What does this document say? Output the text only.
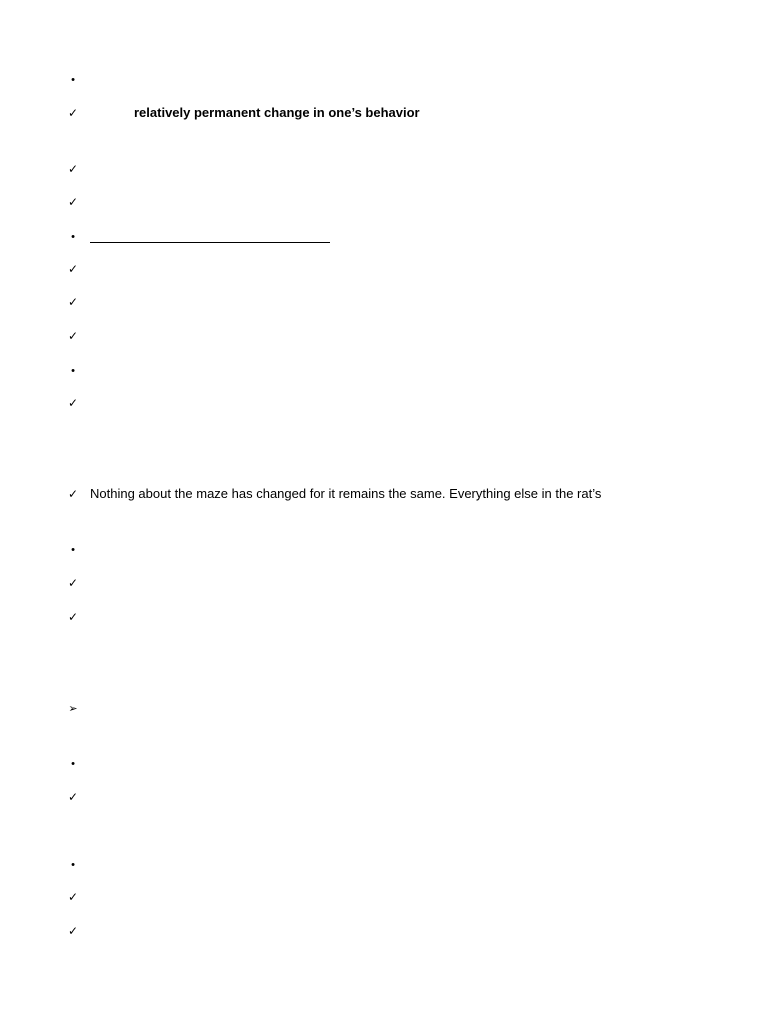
•
✓	relatively permanent change in one’s behavior
✓
✓
•
✓
✓
✓
•
✓
✓ Nothing about the maze has changed for it remains the same. Everything else in the rat’s
•
✓
✓
➢
•
✓
•
✓
✓
